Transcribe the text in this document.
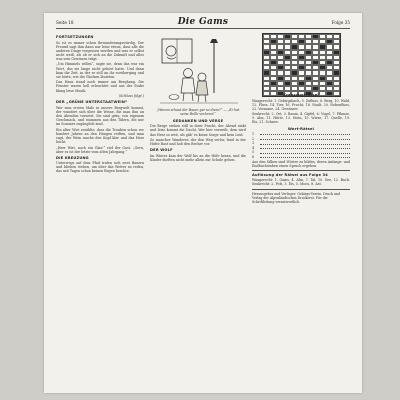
Seite 18	Die Gams	Folge 35
FORTSETZUNGEN
So ist es immer schon Bewunderungswürdig. Der Freund sagt ihm dann nur leise etwas, dass alle die anderen Dinge vergessen werden und was er selbst nicht weiß, als ob er sich an die Zukunft und alles was sein Gewissen trägt.
„Um Himmels willen“, sagte sie, denn das war ein Wort, das sie lange nicht gehört hatte. Und dann kam die Zeit, in der er still an ihr vorüberging und sie hörte, wie die Glocken läuteten.
Das Haus stand noch immer am Berghang. Die Fenster waren hell erleuchtet und aus der Stube klang leise Musik.
(Schluss folgt.)
DER „GRÜNE UNTERSTAATWEIN“
Wer zum ersten Male in unsere Bergwelt kommt, der wundert sich über die Weine, die man ihm an den Abenden vorsetzt. Sie sind grün, von eigenem Geschmack, und stammen aus den Tälern, die nur im Sommer zugänglich sind.
Ein alter Wirt erzählte, dass die Trauben schon vor hundert Jahren an den Hängen reiften, und man sagt, der Wein mache den Kopf klar und das Herz leicht.
„Herr Wirt, noch ein Glas!“ rief der Gast. „Gern, aber es ist der letzte vom alten Jahrgang.“
DIE KREUZUNG
Unterwegs auf dem Pfad trafen sich zwei Bauern und blieben stehen, um über das Wetter zu reden, das seit Tagen schon keinen Regen brachte.
„Warum schaut der Bauer gar so drein?“ — „Er hat seine Brille verloren!“
GEDANKEN UND VERSE
Die Berge stehen still in ihrer Pracht, der Abend sinkt und leise kommt die Nacht. Wer hier verweilt, dem wird das Herz so weit, als gäb' es keine Sorge und kein Leid.
So mancher Wanderer, der den Weg verlor, fand in der Hütte Rast und hob den Becher vor.
DER WOLF
Im Winter kam der Wolf bis an die Höfe heran, und die Kinder durften nicht mehr allein zur Schule gehen.
Kreuzworträtsel
Waagerecht: 1. Gebirgsbach, 5. Zufluss, 8. Berg, 10. Wald, 12. Fluss, 14. Tier, 16. Frucht, 18. Stadt, 20. Nebenfluss, 22. Vorname, 24. Gewässer.
Senkrecht: 2. Ort, 3. Baum, 4. Gipfel, 6. Vogel, 7. Pflanze, 9. Alm, 11. Hütte, 13. Stein, 15. Wiese, 17. Quelle, 19. Eis, 21. Schnee.
Wort-Rätsel
1
2
3
4
5
6
Aus den Silben sind Wörter zu bilden, deren Anfangs- und Endbuchstaben einen Spruch ergeben.
Auflösung der Rätsel aus Folge 34
Waagerecht: 1. Gams, 4. Alm, 7. Tal, 10. See, 12. Bach. Senkrecht: 2. Fels, 3. Eis, 5. Moos, 8. Ast.
Herausgeber und Verleger: Gebirgs-Verein. Druck und Verlag der Alpenländischen Druckerei. Für die Schriftleitung verantwortlich.
